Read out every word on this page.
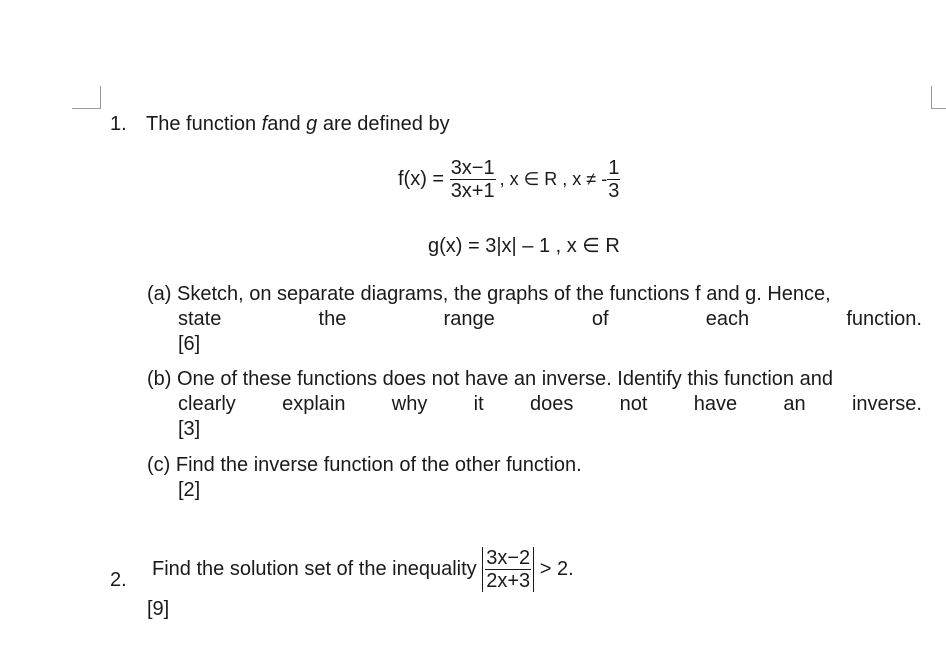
1. The function fand g are defined by
f(x) =
$\frac{3x-1}{3x+1}$ , x ∈ R , x ≠ - $\frac{1}{3}$
g(x) = 3|x| – 1 , x ∈ R
(a) Sketch, on separate diagrams, the graphs of the functions f and g. Hence,
state	the	range	of	each	function.
[6]
(b) One of these functions does not have an inverse. Identify this function and
clearly explain why it does not have an inverse.
[3]
(c) Find the inverse function of the other function.
[2]
2.
Find the solution set of the inequality
$\frac{3x-2}{2x+3}$
> 2.
[9]
